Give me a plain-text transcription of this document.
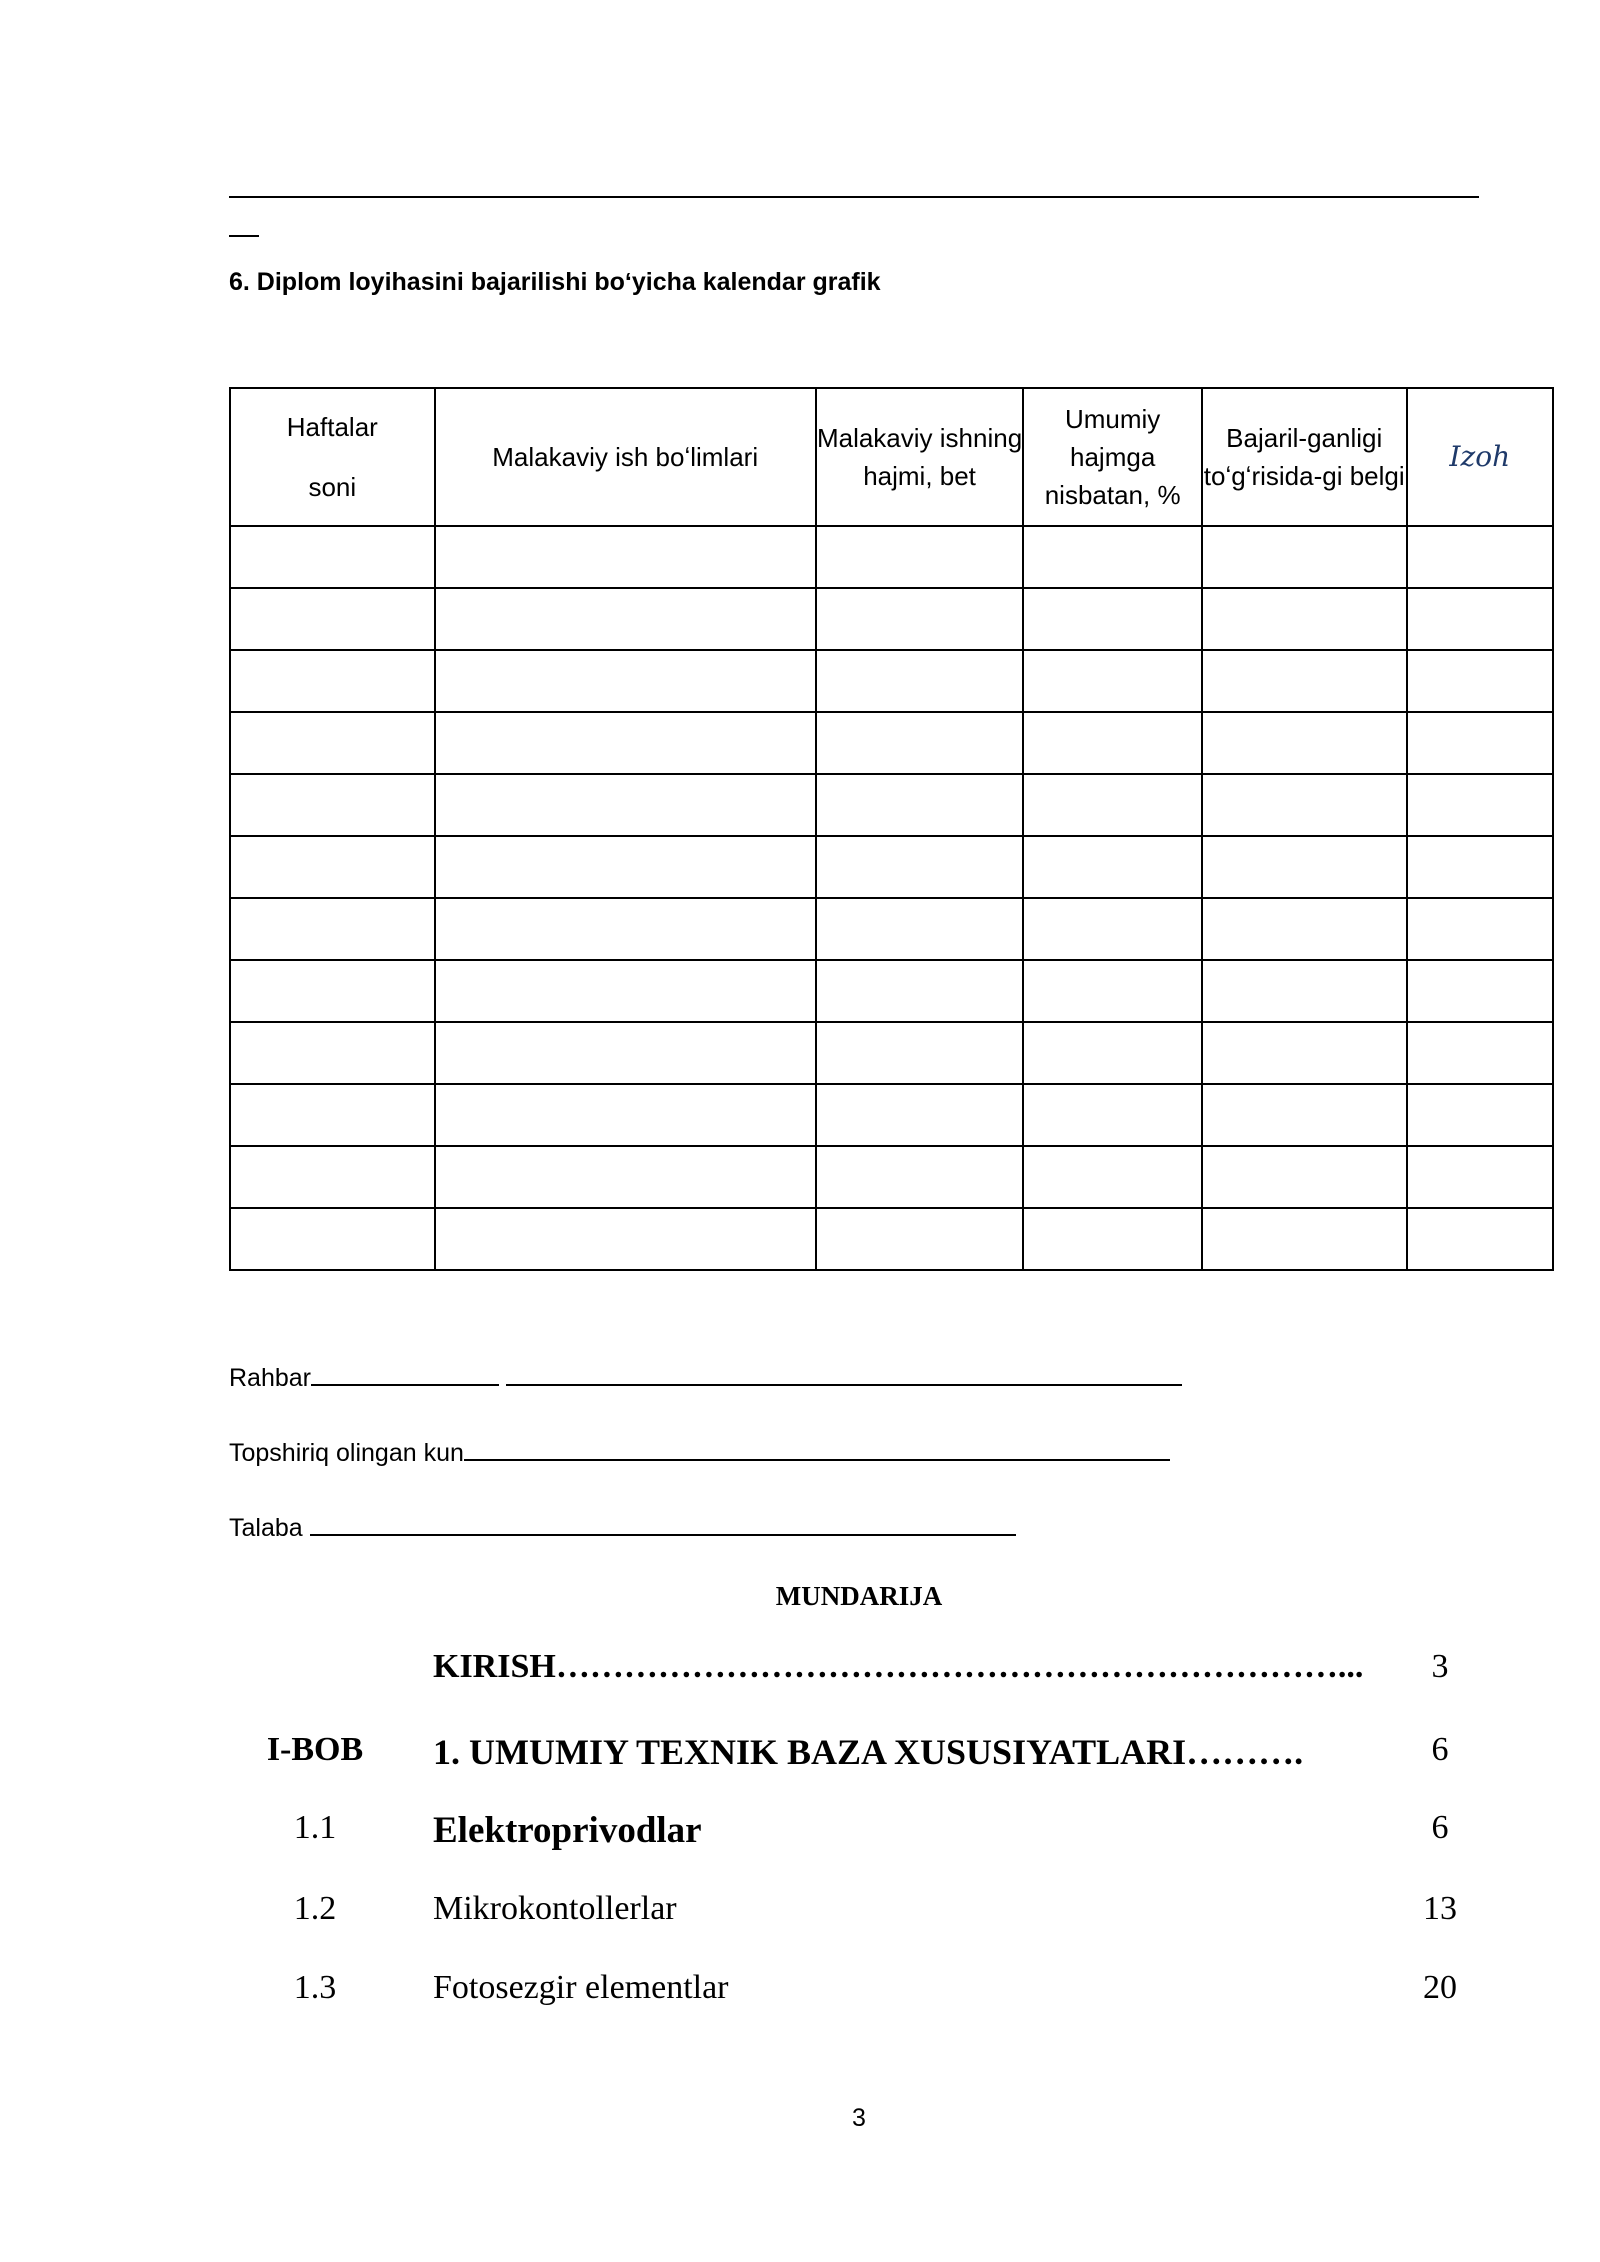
6. Diplom loyihasini bajarilishi boʻyicha kalendar grafik
Haftalar
soni	Malakaviy ish boʻlimlari	Malakaviy ishning hajmi, bet	Umumiy hajmga nisbatan, %	Bajaril-ganligi toʻgʻrisida-gi belgi	Izoh

Rahbar
Topshiriq olingan kun
Talaba
MUNDARIJA
KIRISH……………………………………………………………...	3
I-BOB	1. UMUMIY TEXNIK BAZA XUSUSIYATLARI……….	6
1.1	Elektroprivodlar	6
1.2	Mikrokontollerlar	13
1.3	Fotosezgir elementlar	20
3
